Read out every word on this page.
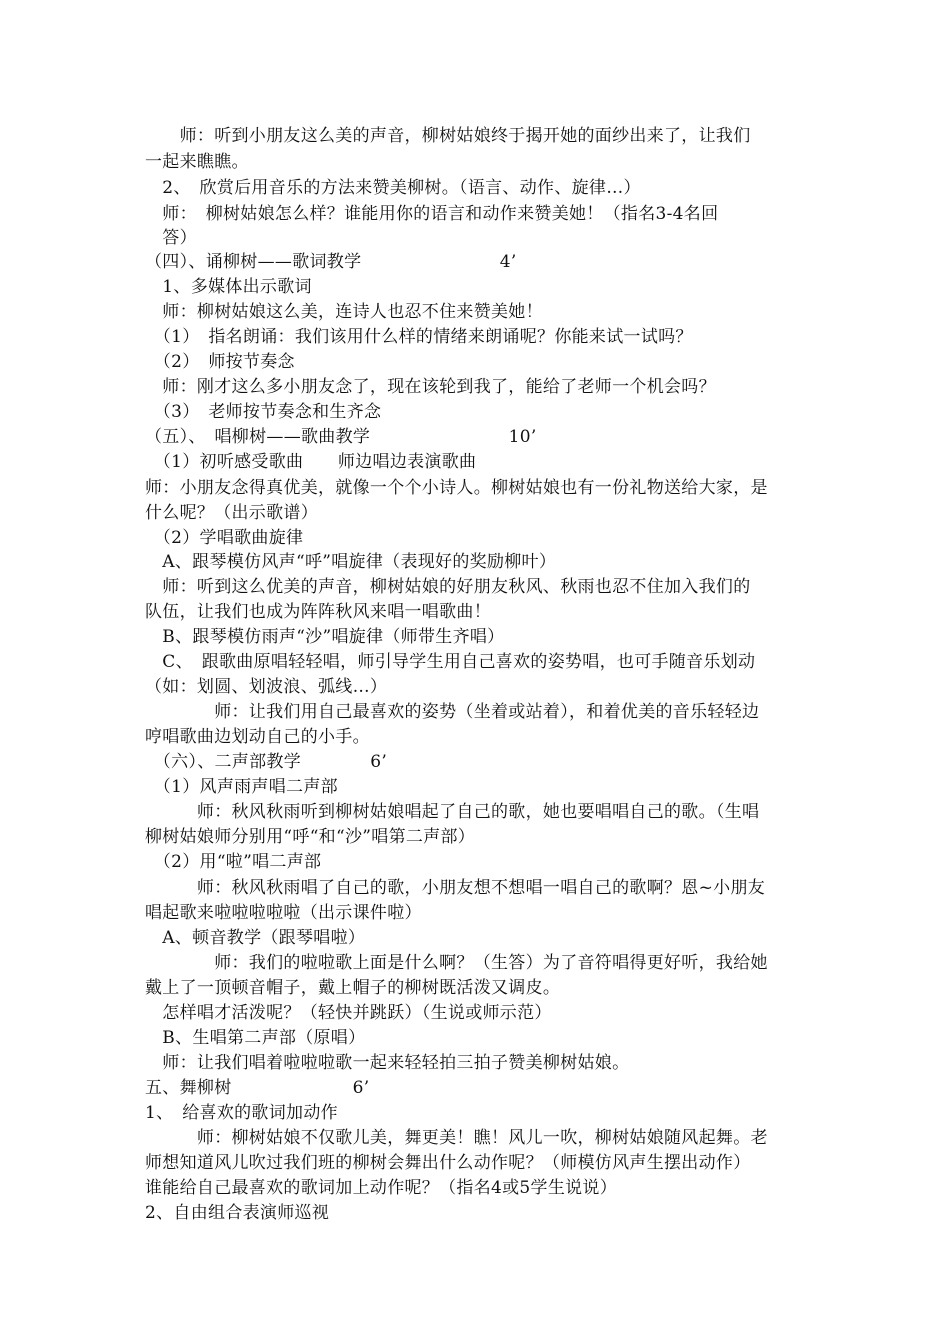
　　师：听到小朋友这么美的声音，柳树姑娘终于揭开她的面纱出来了，让我们
一起来瞧瞧。
　2、　欣赏后用音乐的方法来赞美柳树。（语言、动作、旋律…）
　师：　柳树姑娘怎么样？谁能用你的语言和动作来赞美她！（指名3-4名回
　答）
（四）、诵柳树——歌词教学　　　　　　　　4’
　1、多媒体出示歌词
　师：柳树姑娘这么美，连诗人也忍不住来赞美她！
　（1）　指名朗诵：我们该用什么样的情绪来朗诵呢？你能来试一试吗？
　（2）　师按节奏念
　师：刚才这么多小朋友念了，现在该轮到我了，能给了老师一个机会吗？
　（3）　老师按节奏念和生齐念
（五）、　唱柳树——歌曲教学　　　　　　　　10’
　（1）初听感受歌曲　　师边唱边表演歌曲
师：小朋友念得真优美，就像一个个小诗人。柳树姑娘也有一份礼物送给大家，是
什么呢？（出示歌谱）
　（2）学唱歌曲旋律
　A、跟琴模仿风声“呼”唱旋律（表现好的奖励柳叶）
　师：听到这么优美的声音，柳树姑娘的好朋友秋风、秋雨也忍不住加入我们的
队伍，让我们也成为阵阵秋风来唱一唱歌曲！
　B、跟琴模仿雨声“沙”唱旋律（师带生齐唱）
　C、　跟歌曲原唱轻轻唱，师引导学生用自己喜欢的姿势唱，也可手随音乐划动
（如：划圆、划波浪、弧线…）
　　　　师：让我们用自己最喜欢的姿势（坐着或站着），和着优美的音乐轻轻边
哼唱歌曲边划动自己的小手。
　（六）、二声部教学　　　　6’
　（1）风声雨声唱二声部
　　　师：秋风秋雨听到柳树姑娘唱起了自己的歌，她也要唱唱自己的歌。（生唱
柳树姑娘师分别用“呼“和“沙”唱第二声部）
　（2）用“啦”唱二声部
　　　师：秋风秋雨唱了自己的歌，小朋友想不想唱一唱自己的歌啊？恩~小朋友
唱起歌来啦啦啦啦啦（出示课件啦）
　A、顿音教学（跟琴唱啦）
　　　　师：我们的啦啦歌上面是什么啊？（生答）为了音符唱得更好听，我给她
戴上了一顶顿音帽子，戴上帽子的柳树既活泼又调皮。
　怎样唱才活泼呢？（轻快并跳跃）（生说或师示范）
　B、生唱第二声部（原唱）
　师：让我们唱着啦啦啦歌一起来轻轻拍三拍子赞美柳树姑娘。
五、舞柳树　　　　　　　6’
1、　给喜欢的歌词加动作
　　　师：柳树姑娘不仅歌儿美，舞更美！瞧！风儿一吹，柳树姑娘随风起舞。老
师想知道风儿吹过我们班的柳树会舞出什么动作呢？（师模仿风声生摆出动作）
谁能给自己最喜欢的歌词加上动作呢？（指名4或5学生说说）
2、自由组合表演师巡视
